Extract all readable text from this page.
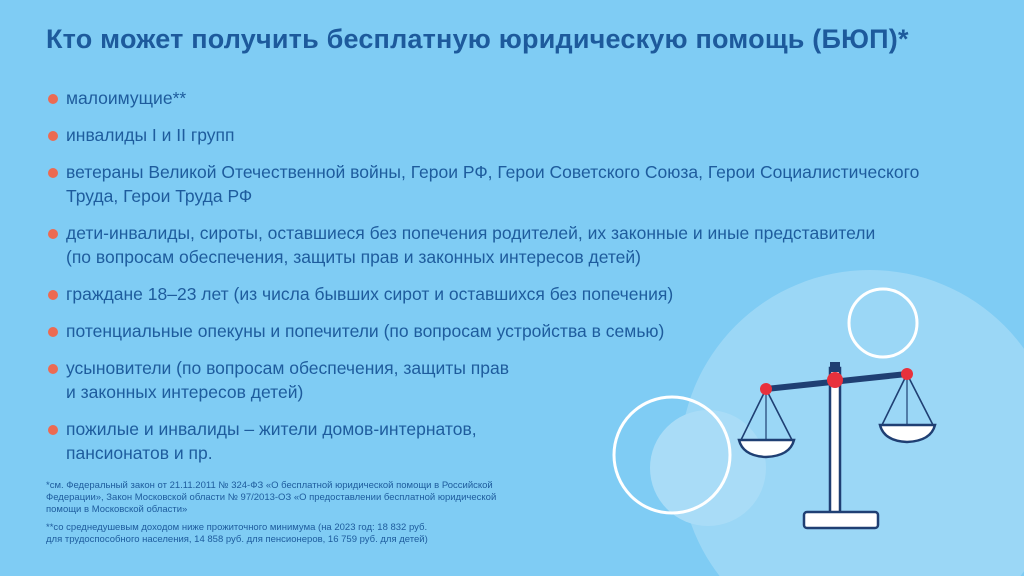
Кто может получить бесплатную юридическую помощь (БЮП)*
малоимущие**
инвалиды I и II групп
ветераны Великой Отечественной войны, Герои РФ, Герои Советского Союза, Герои Социалистического
Труда, Герои Труда РФ
дети-инвалиды, сироты, оставшиеся без попечения родителей, их законные и иные представители
(по вопросам обеспечения, защиты прав и законных интересов детей)
граждане 18–23 лет (из числа бывших сирот и оставшихся без попечения)
потенциальные опекуны и попечители (по вопросам устройства в семью)
усыновители (по вопросам обеспечения, защиты прав
и законных интересов детей)
пожилые и инвалиды – жители домов-интернатов,
пансионатов и пр.
*см. Федеральный закон от 21.11.2011 № 324-ФЗ «О бесплатной юридической помощи в Российской
Федерации», Закон Московской области № 97/2013-ОЗ «О предоставлении бесплатной юридической
помощи в Московской области»
**со среднедушевым доходом ниже прожиточного минимума (на 2023 год: 18 832 руб.
для трудоспособного населения, 14 858 руб. для пенсионеров, 16 759 руб. для детей)
